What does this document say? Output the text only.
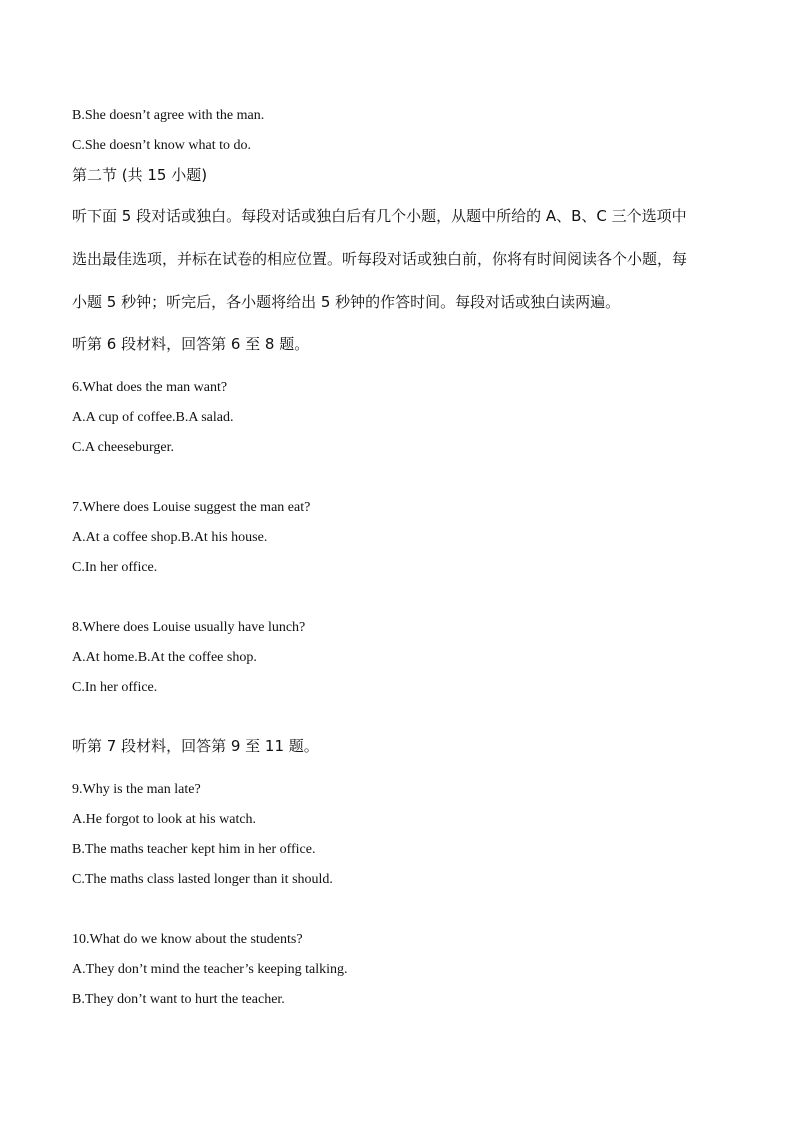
B.She doesn’t agree with the man.
C.She doesn’t know what to do.
第二节 (共 15 小题)
听下面 5 段对话或独白。每段对话或独白后有几个小题，从题中所给的 A、B、C 三个选项中
选出最佳选项，并标在试卷的相应位置。听每段对话或独白前，你将有时间阅读各个小题，每
小题 5 秒钟；听完后，各小题将给出 5 秒钟的作答时间。每段对话或独白读两遍。
听第 6 段材料，回答第 6 至 8 题。
6.What does the man want?
A.A cup of coffee.B.A salad.
C.A cheeseburger.
7.Where does Louise suggest the man eat?
A.At a coffee shop.B.At his house.
C.In her office.
8.Where does Louise usually have lunch?
A.At home.B.At the coffee shop.
C.In her office.
听第 7 段材料，回答第 9 至 11 题。
9.Why is the man late?
A.He forgot to look at his watch.
B.The maths teacher kept him in her office.
C.The maths class lasted longer than it should.
10.What do we know about the students?
A.They don’t mind the teacher’s keeping talking.
B.They don’t want to hurt the teacher.
